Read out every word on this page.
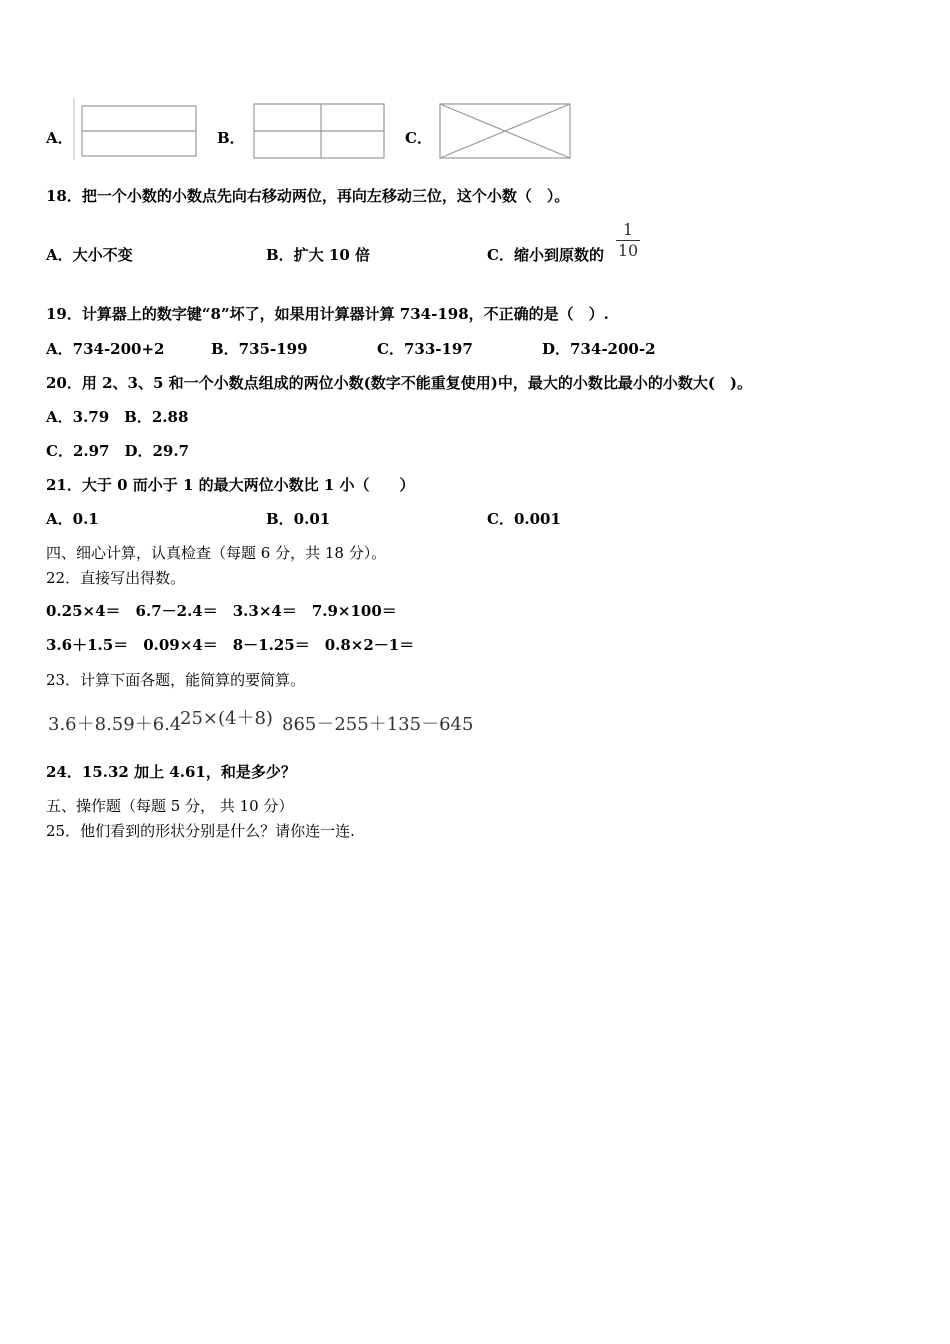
A．	B．	C．
18．把一个小数的小数点先向右移动两位，再向左移动三位，这个小数（　）。
A．大小不变	B．扩大 10 倍	C．缩小到原数的
1
10
19．计算器上的数字键“8”坏了，如果用计算器计算 734-198，不正确的是（　）.
A．734-200+2	B．735-199	C．733-197	D．734-200-2
20．用 2、3、5 和一个小数点组成的两位小数(数字不能重复使用)中，最大的小数比最小的小数大(　)。
A．3.79　B．2.88
C．2.97　D．29.7
21．大于 0 而小于 1 的最大两位小数比 1 小（　　）
A．0.1	B．0.01	C．0.001
四、细心计算，认真检查（每题 6 分，共 18 分）。
22．直接写出得数。
0.25×4＝　6.7－2.4＝　3.3×4＝　7.9×100＝
3.6＋1.5＝　0.09×4＝　8－1.25＝　0.8×2－1＝
23．计算下面各题，能简算的要简算。
3.6＋8.59＋6.4
25×(4＋8) 865－255＋135－645
24．15.32 加上 4.61，和是多少？
五、操作题（每题 5 分， 共 10 分）
25．他们看到的形状分别是什么？请你连一连.
